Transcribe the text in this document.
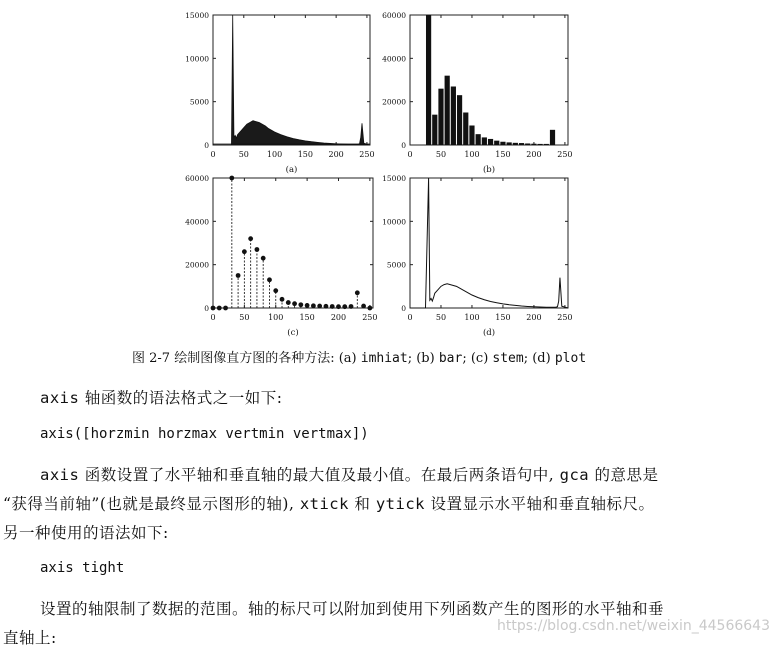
0	50 100 150 200 250
0
5000
10000
15000
(a)
0	50 100 150 200 250
0
20000
40000
60000
(b)
0	50 100 150 200 250
0
20000
40000
60000
(c)
0	50 100 150 200 250
0
5000
10000
15000
(d)
图 2-7 绘制图像直方图的各种方法: (a) imhiat; (b) bar; (c) stem; (d) plot
axis 轴函数的语法格式之一如下:
axis([horzmin horzmax vertmin vertmax])
axis 函数设置了水平轴和垂直轴的最大值及最小值。在最后两条语句中, gca 的意思是
“获得当前轴”(也就是最终显示图形的轴), xtick 和 ytick 设置显示水平轴和垂直轴标尺。
另一种使用的语法如下:
axis tight
设置的轴限制了数据的范围。轴的标尺可以附加到使用下列函数产生的图形的水平轴和垂
直轴上:
https://blog.csdn.net/weixin_44566643
